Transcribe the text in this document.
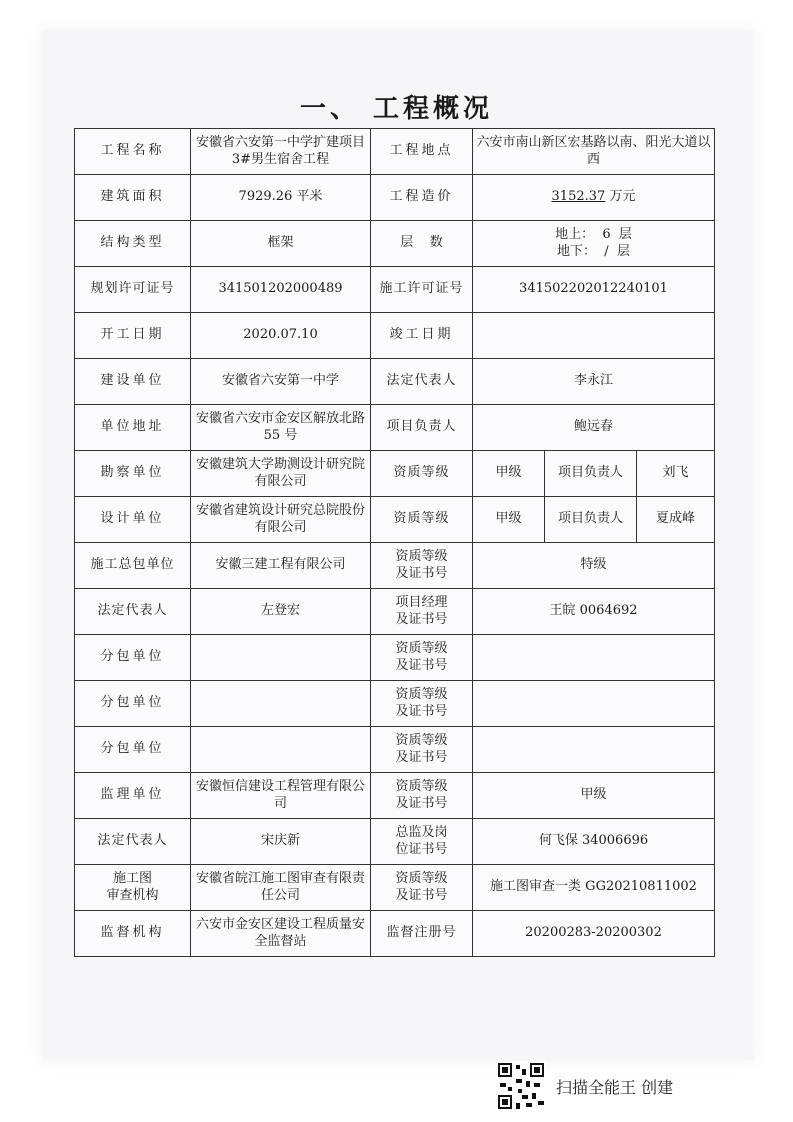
一、 工程概况
工程名称	安徽省六安第一中学扩建项目3#男生宿舍工程	工程地点	六安市南山新区宏基路以南、阳光大道以西		
建筑面积	7929.26 平米	工程造价	3152.37 万元		
结构类型	框架	层    数	地上：  6  层
地下：  /  层		

规划许可证号	341501202000489	施工许可证号	341502202012240101		
开工日期	2020.07.10	竣工日期			
建设单位	安徽省六安第一中学	法定代表人	李永江		
单位地址	安徽省六安市金安区解放北路 55 号	项目负责人	鲍远春		
勘察单位	安徽建筑大学勘测设计研究院有限公司	资质等级	甲级	项目负责人	刘飞
设计单位	安徽省建筑设计研究总院股份有限公司	资质等级	甲级	项目负责人	夏成峰
施工总包单位	安徽三建工程有限公司	资质等级
及证书号	特级		
法定代表人	左登宏	项目经理
及证书号	王皖 0064692		
分包单位		资质等级
及证书号			

分包单位		资质等级
及证书号			

分包单位		资质等级
及证书号			

监理单位	安徽恒信建设工程管理有限公司	资质等级
及证书号	甲级		
法定代表人	宋庆新	总监及岗
位证书号	何飞保 34006696		

施工图
审查机构	安徽省皖江施工图审查有限责任公司	资质等级
及证书号	施工图审查一类 GG20210811002		
监督机构	六安市金安区建设工程质量安全监督站	监督注册号	20200283-20200302		
扫描全能王 创建
